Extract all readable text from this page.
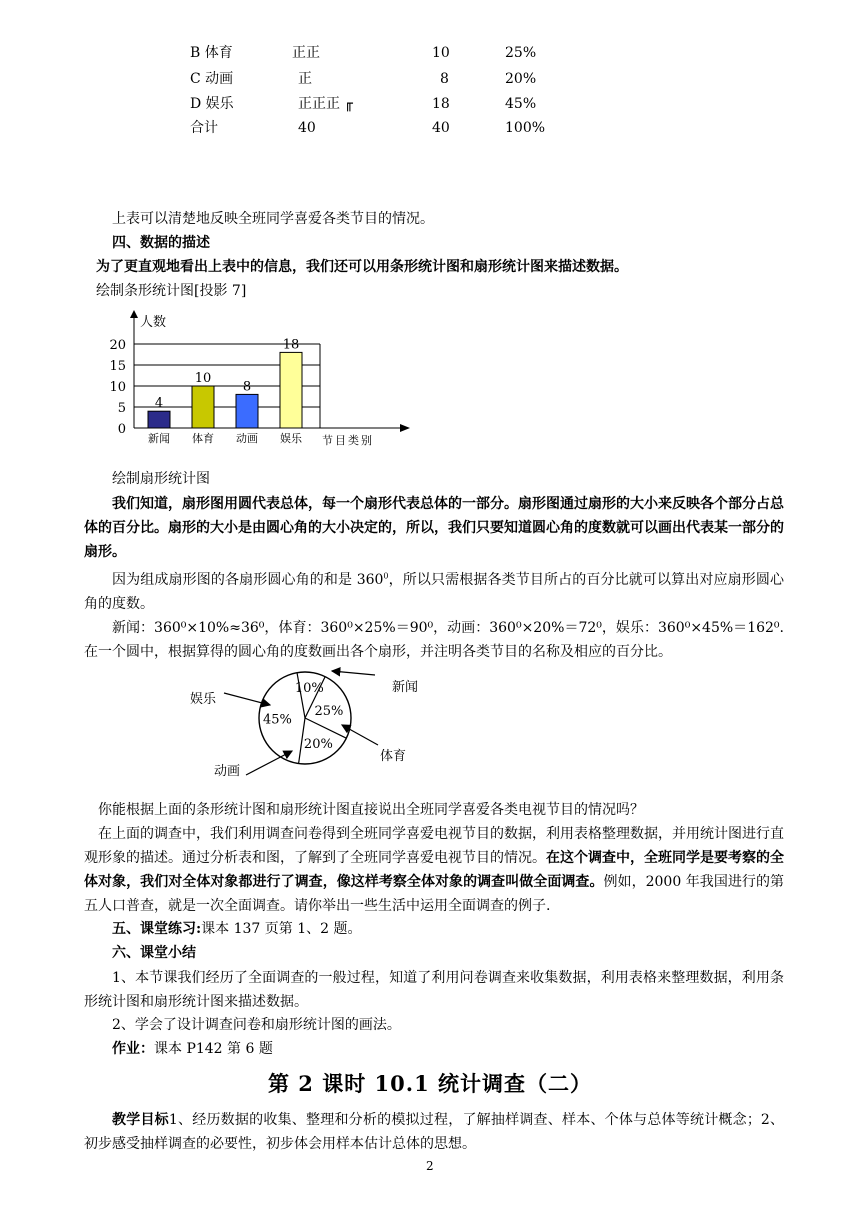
B 体育	正正	10	25%
C 动画	正	8	20%
D 娱乐	正正正 ╓	18	45%
合计	40	40	100%
上表可以清楚地反映全班同学喜爱各类节目的情况。
四、数据的描述
为了更直观地看出上表中的信息，我们还可以用条形统计图和扇形统计图来描述数据。
绘制条形统计图[投影 7]
0
5
10
15
20
人数
节目类别
4
新闻
10
体育
8
动画
18
娱乐
绘制扇形统计图
我们知道，扇形图用圆代表总体，每一个扇形代表总体的一部分。扇形图通过扇形的大小来反映各个部分占总体的百分比。扇形的大小是由圆心角的大小决定的，所以，我们只要知道圆心角的度数就可以画出代表某一部分的扇形。
因为组成扇形图的各扇形圆心角的和是 $360^0$，所以只需根据各类节目所占的百分比就可以算出对应扇形圆心角的度数。
新闻：360⁰×10%≈36⁰，体育：360⁰×25%＝90⁰，动画：360⁰×20%＝72⁰，娱乐：360⁰×45%＝162⁰. 在一个圆中，根据算得的圆心角的度数画出各个扇形，并注明各类节目的名称及相应的百分比。
10%
25%
20%
45%
新闻
体育
动画
娱乐
你能根据上面的条形统计图和扇形统计图直接说出全班同学喜爱各类电视节目的情况吗？
在上面的调查中，我们利用调查问卷得到全班同学喜爱电视节目的数据，利用表格整理数据，并用统计图进行直观形象的描述。通过分析表和图，了解到了全班同学喜爱电视节目的情况。在这个调查中，全班同学是要考察的全体对象，我们对全体对象都进行了调查，像这样考察全体对象的调查叫做全面调查。例如，2000 年我国进行的第五人口普查，就是一次全面调查。请你举出一些生活中运用全面调查的例子.
五、课堂练习:课本 137 页第 1、2 题。
六、课堂小结
1、本节课我们经历了全面调查的一般过程，知道了利用问卷调查来收集数据，利用表格来整理数据，利用条形统计图和扇形统计图来描述数据。
2、学会了设计调查问卷和扇形统计图的画法。
作业：课本 P142 第 6 题
第 2 课时 10.1 统计调查（二）
教学目标1、经历数据的收集、整理和分析的模拟过程，了解抽样调查、样本、个体与总体等统计概念；2、初步感受抽样调查的必要性，初步体会用样本估计总体的思想。
2
